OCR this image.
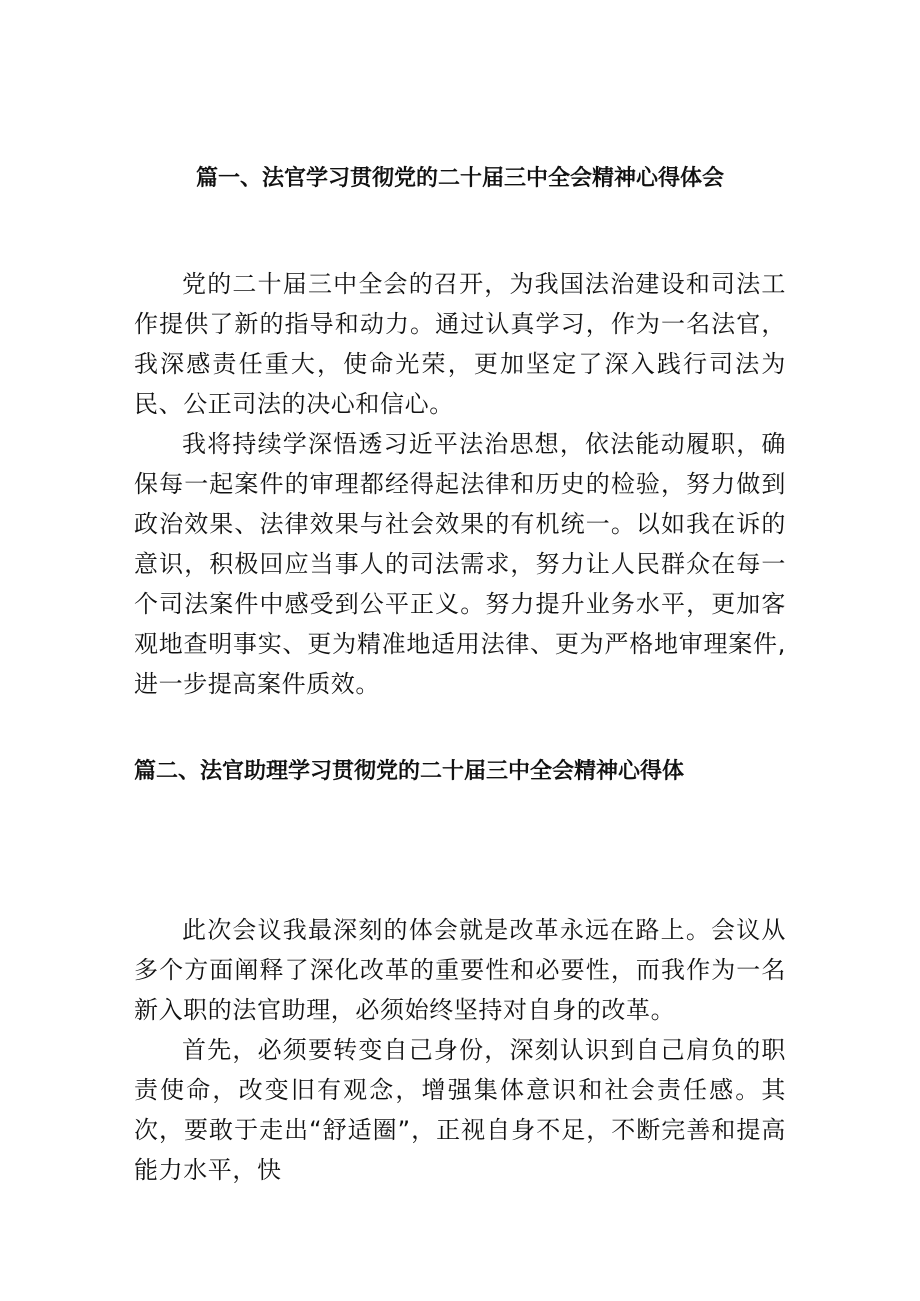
篇一、法官学习贯彻党的二十届三中全会精神心得体会

党的二十届三中全会的召开，为我国法治建设和司法工作提供了新的指导和动力。通过认真学习，作为一名法官，我深感责任重大，使命光荣，更加坚定了深入践行司法为民、公正司法的决心和信心。

我将持续学深悟透习近平法治思想，依法能动履职，确保每一起案件的审理都经得起法律和历史的检验，努力做到政治效果、法律效果与社会效果的有机统一。以如我在诉的意识，积极回应当事人的司法需求，努力让人民群众在每一个司法案件中感受到公平正义。努力提升业务水平，更加客观地查明事实、更为精准地适用法律、更为严格地审理案件,进一步提高案件质效。

篇二、法官助理学习贯彻党的二十届三中全会精神心得体

此次会议我最深刻的体会就是改革永远在路上。会议从多个方面阐释了深化改革的重要性和必要性，而我作为一名新入职的法官助理，必须始终坚持对自身的改革。

首先，必须要转变自己身份，深刻认识到自己肩负的职责使命，改变旧有观念，增强集体意识和社会责任感。其次，要敢于走出“舒适圈”，正视自身不足，不断完善和提高能力水平，快
